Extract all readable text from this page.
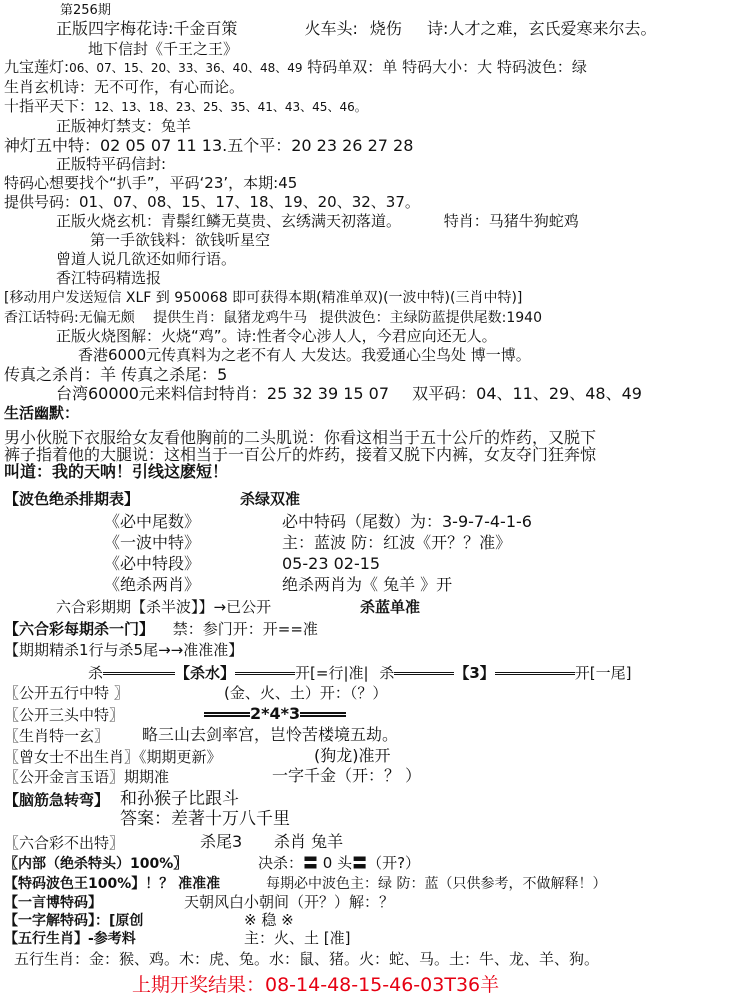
第256期
正版四字梅花诗:千金百策	火车头: 烧伤 诗:人才之难，玄氏爱寒来尔去。
地下信封《千王之王》
九宝莲灯:06、07、15、20、33、36、40、48、49 特码单双：单 特码大小：大 特码波色：绿
生肖玄机诗：无不可作，有心而论。
十指平天下：12、13、18、23、25、35、41、43、45、46。
正版神灯禁支：兔羊
神灯五中特：02 05 07 11 13.五个平：20 23 26 27 28
正版特平码信封:
特码心想要找个“扒手”，平码‘23’，本期:45
提供号码：01、07、08、15、17、18、19、20、32、37。
正版火烧玄机：青鬃红鳞无莫贵、玄绣满天初落道。	特肖：马猪牛狗蛇鸡
第一手欲钱料：欲钱听星空
曾道人说几欲还如师行语。
香江特码精选报
[移动用户发送短信 XLF 到 950068 即可获得本期(精准单双)(一波中特)(三肖中特)]
香江话特码:无偏无颇 提供生肖：鼠猪龙鸡牛马 提供波色：主绿防蓝提供尾数:1940
正版火烧图解：火烧“鸡”。诗:性者令心涉人人，今君应向还无人。
香港6000元传真料为之老不有人 大发达。我爱通心尘鸟处 博一博。
传真之杀肖：羊 传真之杀尾：5
台湾60000元来料信封特肖：25 32 39 15 07 双平码：04、11、29、48、49
生活幽默：
男小伙脱下衣服给女友看他胸前的二头肌说：你看这相当于五十公斤的炸药，又脱下
裤子指着他的大腿说：这相当于一百公斤的炸药，接着又脱下内裤，女友夺门狂奔惊
叫道：我的天呐！引线这麽短！
【波色绝杀排期表】	杀绿双准
《必中尾数》	必中特码（尾数）为：3-9-7-4-1-6
《一波中特》	主：蓝波 防：红波《开？？准》
《必中特段》	05-23 02-15
《绝杀两肖》	绝杀两肖为《 兔羊 》开
六合彩期期【杀半波】】→已公开	杀蓝单准
【六合彩每期杀一门】 禁：参门开：开==准
【期期精杀1行与杀5尾→→准准准】
杀	【杀水】	开[=行|准| 杀	【3】	开[一尾]
〖公开五行中特 〗	(金、火、土）开：（？）
〖公开三头中特〗	2*4*3
〖生肖特一玄〗 略三山去剑率宫，岂怜苦楼境五劫。
〖曾女士不出生肖〗《期期更新》	(狗龙)准开
〖公开金言玉语〗期期准	一字千金（开：？ ）
【脑筋急转弯】 和孙猴子比跟斗
答案：差著十万八千里
〖六合彩不出特〗	杀尾3 杀肖 兔羊
〖内部（绝杀特头）100%〗	决杀：〓 0 头〓（开?）
【特码波色王100%】！？ 准准准	每期必中波色主：绿 防：蓝（只供参考，不做解释！）
【一言博特码】	天朝风白小朝间（开？）解：？
【一字解特码】：[原创	※ 稳 ※
【五行生肖】-参考料	主：火、土 [准]
五行生肖：金：猴、鸡。木：虎、兔。水：鼠、猪。火：蛇、马。土：牛、龙、羊、狗。
上期开奖结果：08-14-48-15-46-03T36羊
